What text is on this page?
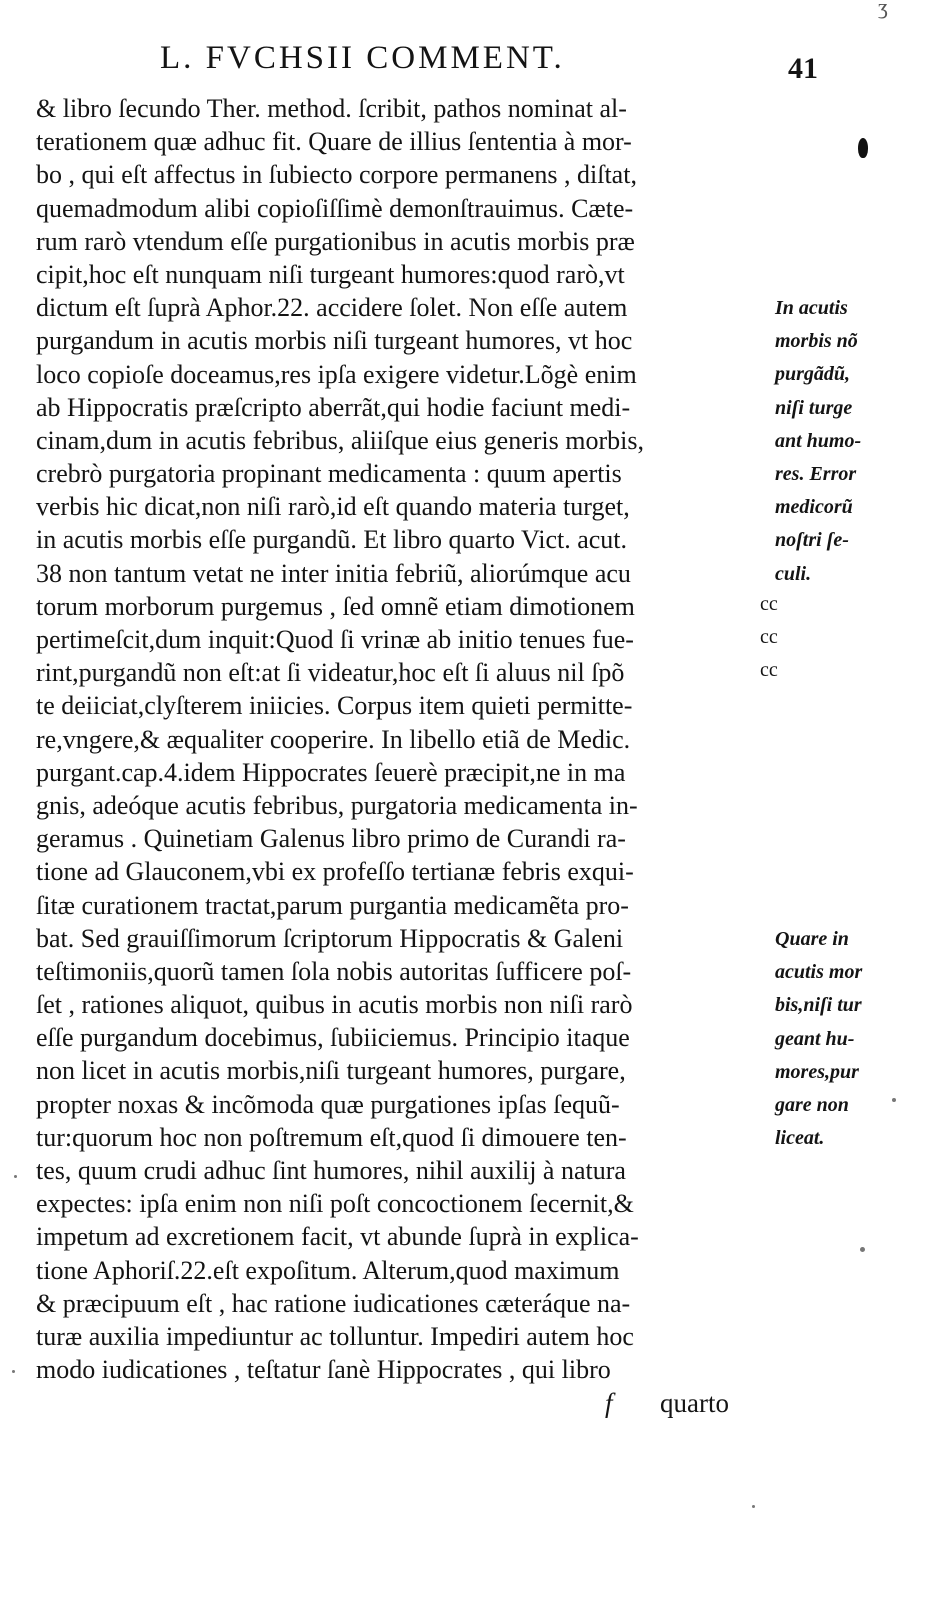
ʒ
L. FVCHSII COMMENT.	41
& libro ſecundo Ther. method. ſcribit, pathos nominat al-
terationem quæ adhuc fit. Quare de illius ſententia à mor-
bo , qui eſt affectus in ſubiecto corpore permanens , diſtat,
quemadmodum alibi copioſiſſimè demonſtrauimus. Cæte-
rum rarò vtendum eſſe purgationibus in acutis morbis præ
cipit,hoc eſt nunquam niſi turgeant humores:quod rarò,vt
dictum eſt ſuprà Aphor.22. accidere ſolet. Non eſſe autem
purgandum in acutis morbis niſi turgeant humores, vt hoc
loco copioſe doceamus,res ipſa exigere videtur.Lõgè enim
ab Hippocratis præſcripto aberrãt,qui hodie faciunt medi-
cinam,dum in acutis febribus, aliiſque eius generis morbis,
crebrò purgatoria propinant medicamenta : quum apertis
verbis hic dicat,non niſi rarò,id eſt quando materia turget,
in acutis morbis eſſe purgandũ. Et libro quarto Vict. acut.
38 non tantum vetat ne inter initia febriũ, aliorúmque acu
torum morborum purgemus , ſed omnẽ etiam dimotionem
pertimeſcit,dum inquit:Quod ſi vrinæ ab initio tenues fue-
rint,purgandũ non eſt:at ſi videatur,hoc eſt ſi aluus nil ſpõ
te deiiciat,clyſterem iniicies. Corpus item quieti permitte-
re,vngere,& æqualiter cooperire. In libello etiã de Medic.
purgant.cap.4.idem Hippocrates ſeuerè præcipit,ne in ma
gnis, adeóque acutis febribus, purgatoria medicamenta in-
geramus . Quinetiam Galenus libro primo de Curandi ra-
tione ad Glauconem,vbi ex profeſſo tertianæ febris exqui-
ſitæ curationem tractat,parum purgantia medicamẽta pro-
bat. Sed grauiſſimorum ſcriptorum Hippocratis & Galeni
teſtimoniis,quorũ tamen ſola nobis autoritas ſufficere poſ-
ſet , rationes aliquot, quibus in acutis morbis non niſi rarò
eſſe purgandum docebimus, ſubiiciemus. Principio itaque
non licet in acutis morbis,niſi turgeant humores, purgare,
propter noxas & incõmoda quæ purgationes ipſas ſequũ-
tur:quorum hoc non poſtremum eſt,quod ſi dimouere ten-
tes, quum crudi adhuc ſint humores, nihil auxilij à natura
expectes: ipſa enim non niſi poſt concoctionem ſecernit,&
impetum ad excretionem facit, vt abunde ſuprà in explica-
tione Aphoriſ.22.eſt expoſitum. Alterum,quod maximum
& præcipuum eſt , hac ratione iudicationes cæteráque na-
turæ auxilia impediuntur ac tolluntur. Impediri autem hoc
modo iudicationes , teſtatur ſanè Hippocrates , qui libro
In acutis
morbis nõ
purgãdũ,
niſi turge
ant humo-
res. Error
medicorũ
noſtri ſe-
culi.
Quare in
acutis mor
bis,niſi tur
geant hu-
mores,pur
gare non
liceat.
cc
cc
cc
f quarto
